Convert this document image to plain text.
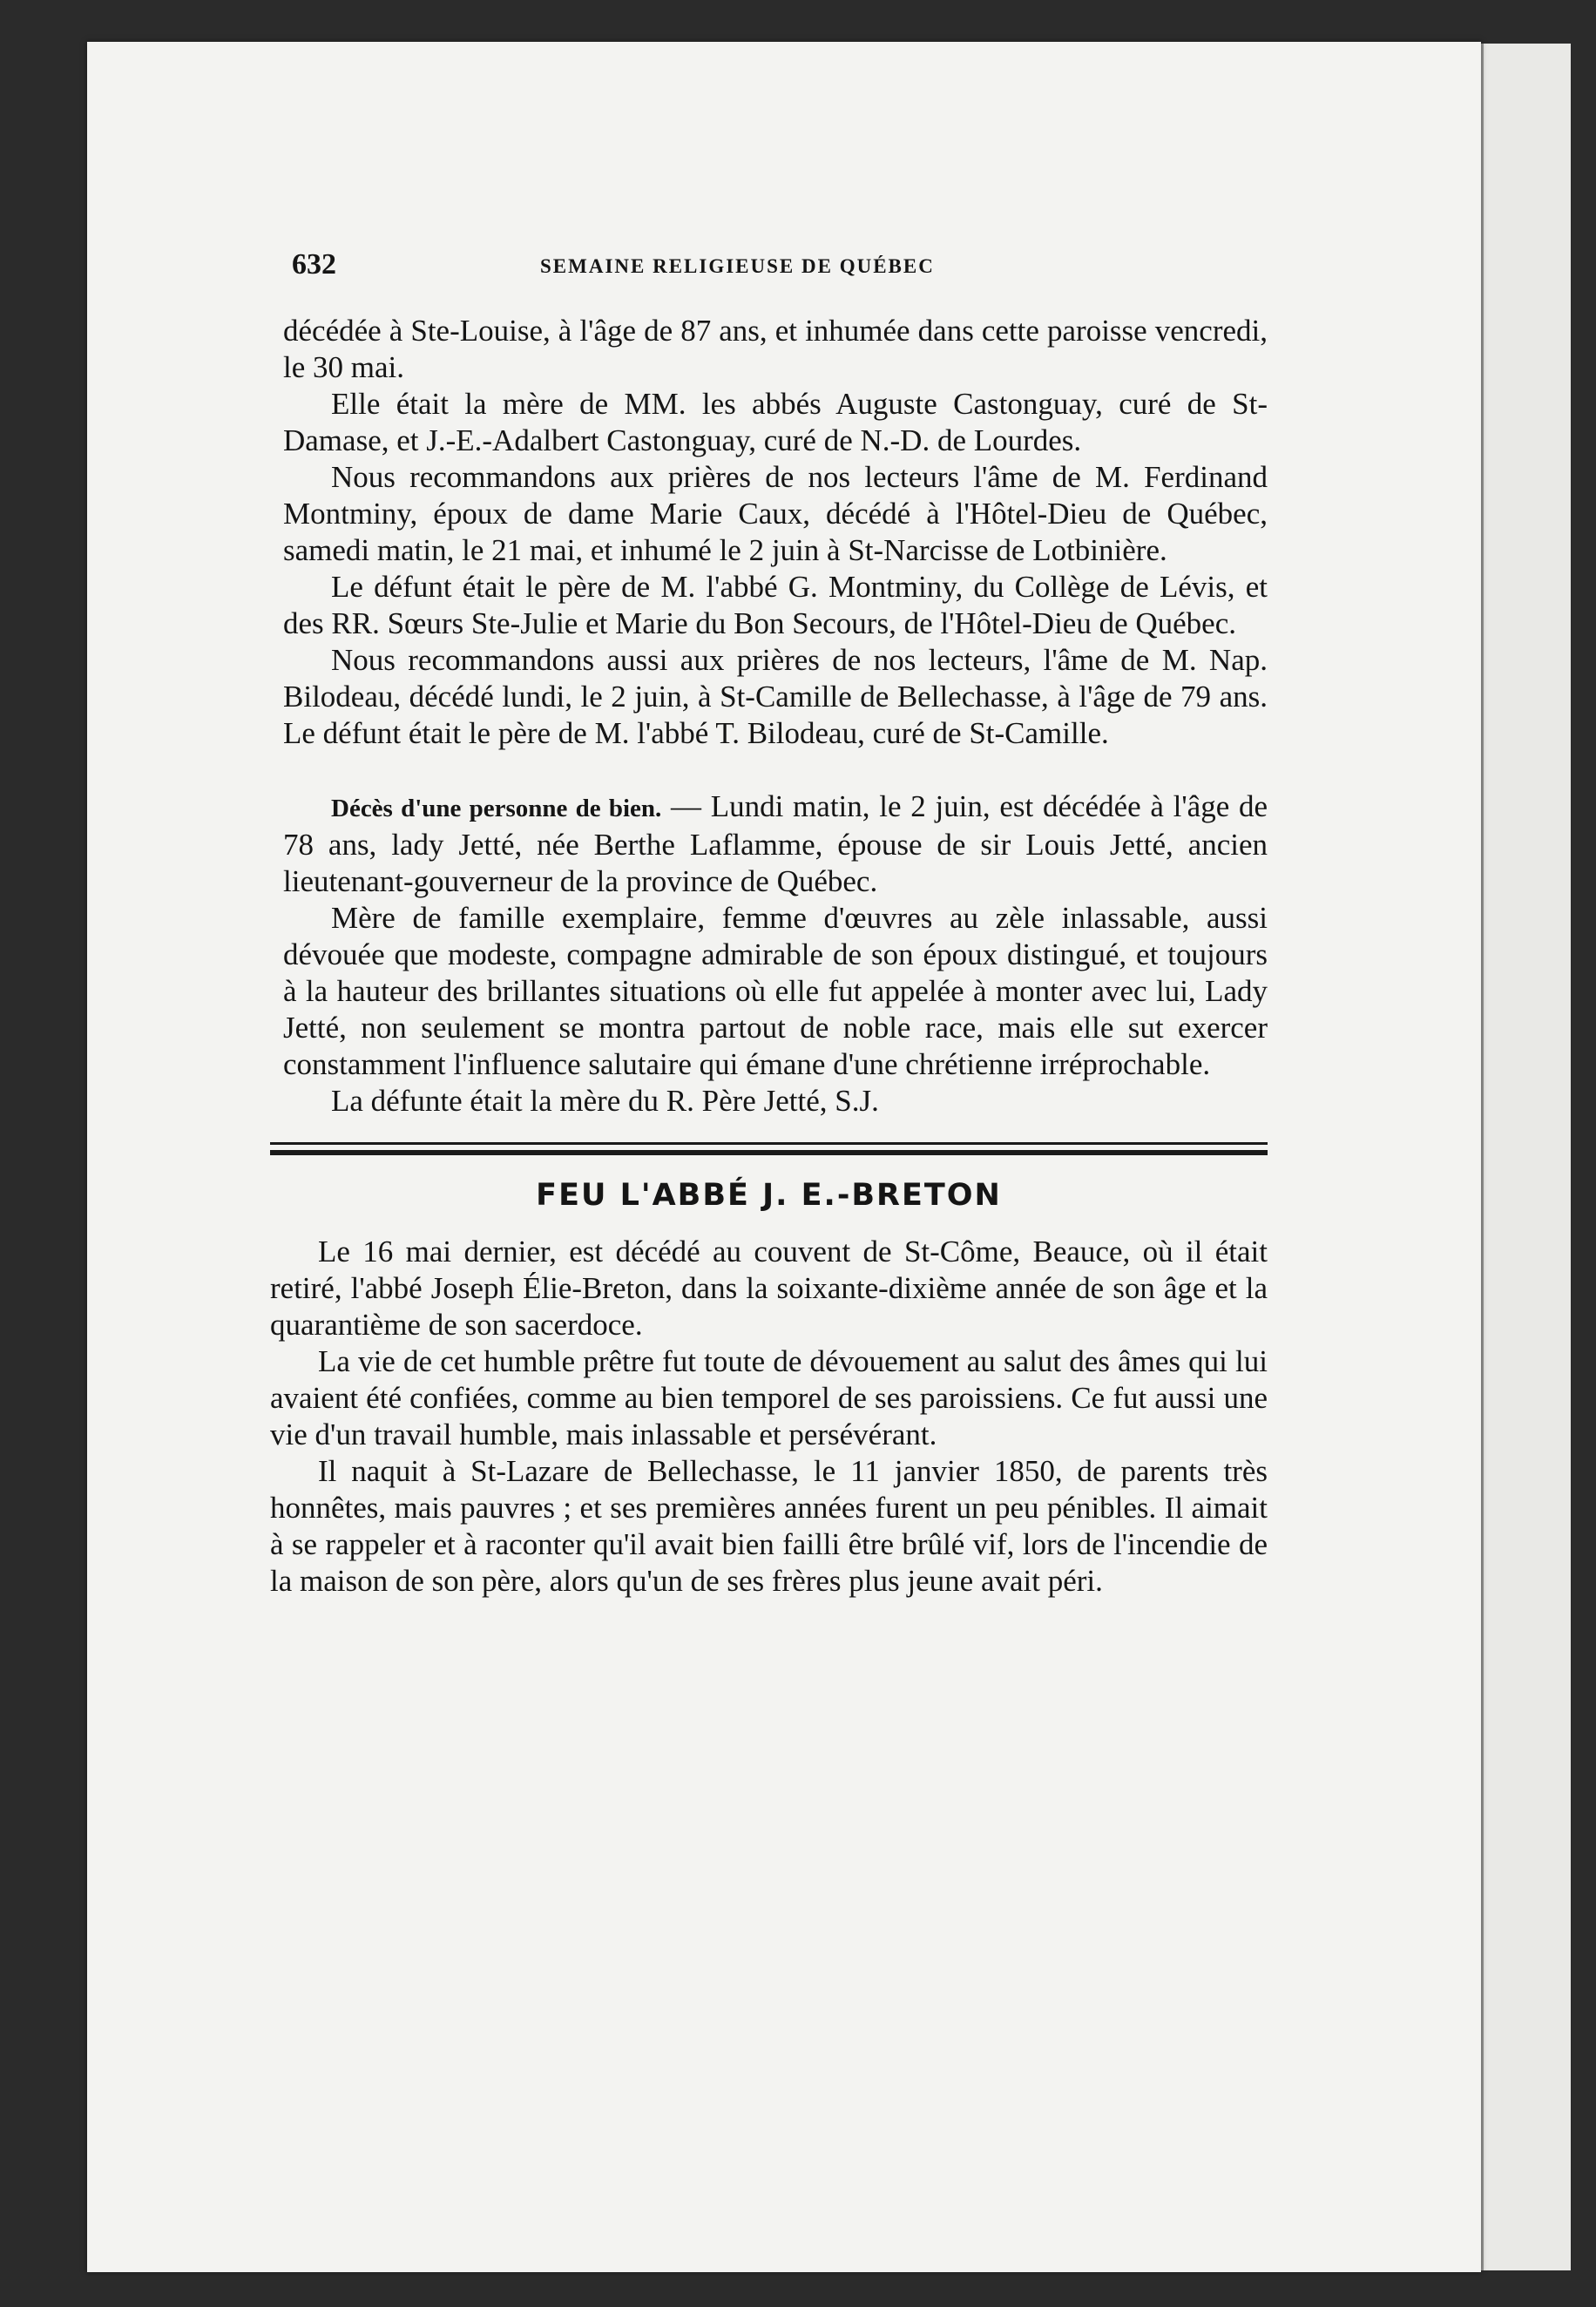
632	SEMAINE RELIGIEUSE DE QUÉBEC

décédée à Ste-Louise, à l'âge de 87 ans, et inhumée dans cette paroisse vencredi, le 30 mai.

Elle était la mère de MM. les abbés Auguste Castonguay, curé de St-Damase, et J.-E.-Adalbert Castonguay, curé de N.-D. de Lourdes.

Nous recommandons aux prières de nos lecteurs l'âme de M. Ferdinand Montminy, époux de dame Marie Caux, décédé à l'Hôtel-Dieu de Québec, samedi matin, le 21 mai, et inhumé le 2 juin à St-Narcisse de Lotbinière.

Le défunt était le père de M. l'abbé G. Montminy, du Collège de Lévis, et des RR. Sœurs Ste-Julie et Marie du Bon Secours, de l'Hôtel-Dieu de Québec.

Nous recommandons aussi aux prières de nos lecteurs, l'âme de M. Nap. Bilodeau, décédé lundi, le 2 juin, à St-Camille de Bellechasse, à l'âge de 79 ans. Le défunt était le père de M. l'abbé T. Bilodeau, curé de St-Camille.

Décès d'une personne de bien. — Lundi matin, le 2 juin, est décédée à l'âge de 78 ans, lady Jetté, née Berthe Laflamme, épouse de sir Louis Jetté, ancien lieutenant-gouverneur de la province de Québec.

Mère de famille exemplaire, femme d'œuvres au zèle inlassable, aussi dévouée que modeste, compagne admirable de son époux distingué, et toujours à la hauteur des brillantes situations où elle fut appelée à monter avec lui, Lady Jetté, non seulement se montra partout de noble race, mais elle sut exercer constamment l'influence salutaire qui émane d'une chrétienne irréprochable.

La défunte était la mère du R. Père Jetté, S.J.

FEU L'ABBÉ J. E.-BRETON

Le 16 mai dernier, est décédé au couvent de St-Côme, Beauce, où il était retiré, l'abbé Joseph Élie-Breton, dans la soixante-dixième année de son âge et la quarantième de son sacerdoce.

La vie de cet humble prêtre fut toute de dévouement au salut des âmes qui lui avaient été confiées, comme au bien temporel de ses paroissiens. Ce fut aussi une vie d'un travail humble, mais inlassable et persévérant.

Il naquit à St-Lazare de Bellechasse, le 11 janvier 1850, de parents très honnêtes, mais pauvres ; et ses premières années furent un peu pénibles. Il aimait à se rappeler et à raconter qu'il avait bien failli être brûlé vif, lors de l'incendie de la maison de son père, alors qu'un de ses frères plus jeune avait péri.
